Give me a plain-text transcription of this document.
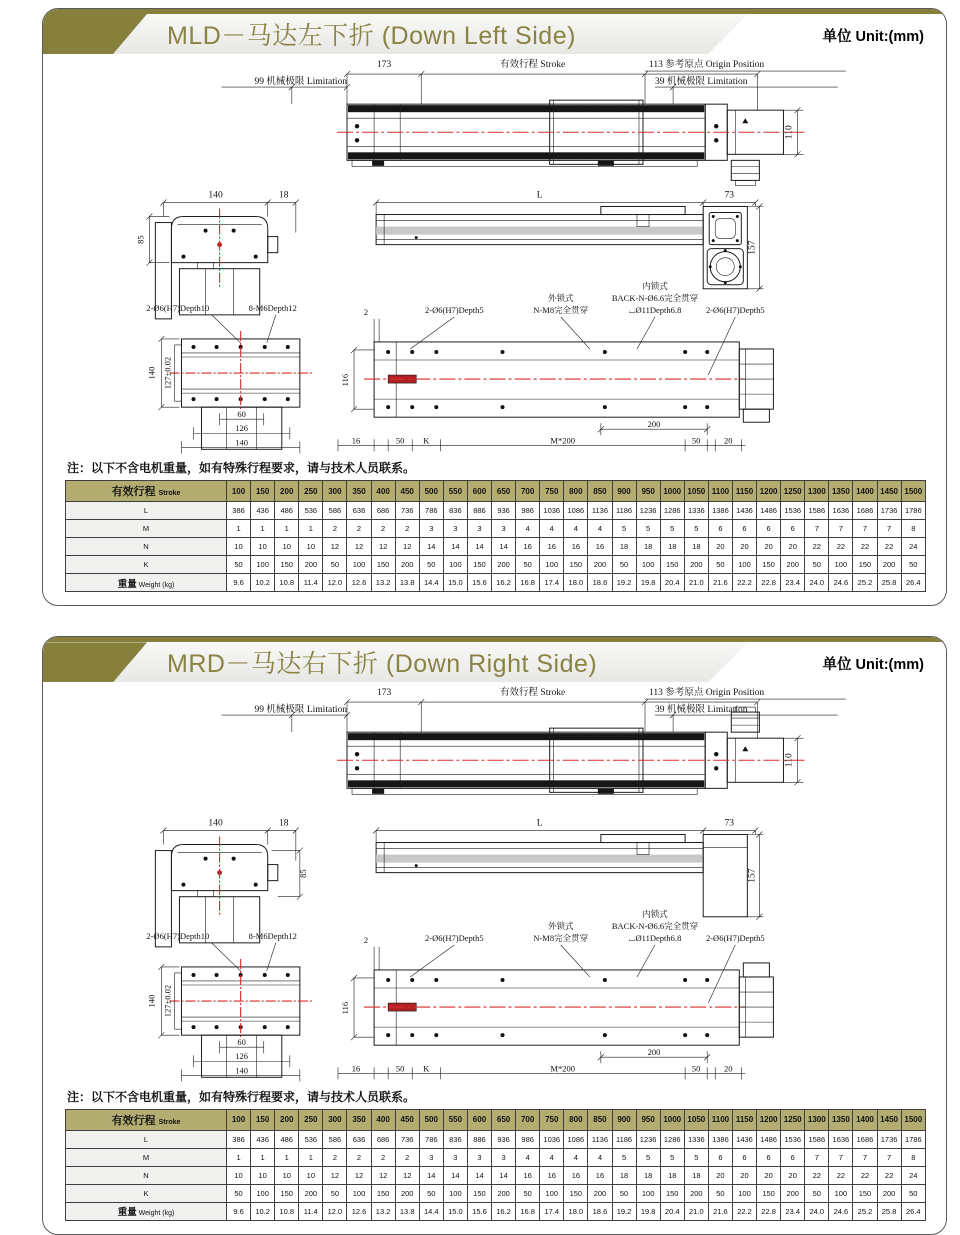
MLD－马达左下折 (Down Left Side)	单位 Unit:(mm)
注：以下不含电机重量，如有特殊行程要求，请与技术人员联系。
有效行程 Stroke	100	150	200	250	300	350	400	450	500	550	600	650	700	750	800	850	900	950	1000	1050	1100	1150	1200	1250	1300	1350	1400	1450	1500
L	386	436	486	536	586	636	686	736	786	836	886	936	986	1036	1086	1136	1186	1236	1286	1336	1386	1436	1486	1536	1586	1636	1686	1736	1786
M	1	1	1	1	2	2	2	2	3	3	3	3	4	4	4	4	5	5	5	5	6	6	6	6	7	7	7	7	8
N	10	10	10	10	12	12	12	12	14	14	14	14	16	16	16	16	18	18	18	18	20	20	20	20	22	22	22	22	24
K	50	100	150	200	50	100	150	200	50	100	150	200	50	100	150	200	50	100	150	200	50	100	150	200	50	100	150	200	50
重量 Weight (kg)	9.6	10.2	10.8	11.4	12.0	12.6	13.2	13.8	14.4	15.0	15.6	16.2	16.8	17.4	18.0	18.6	19.2	19.8	20.4	21.0	21.6	22.2	22.8	23.4	24.0	24.6	25.2	25.8	26.4
MRD－马达右下折 (Down Right Side)	单位 Unit:(mm)
注：以下不含电机重量，如有特殊行程要求，请与技术人员联系。
有效行程 Stroke	100	150	200	250	300	350	400	450	500	550	600	650	700	750	800	850	900	950	1000	1050	1100	1150	1200	1250	1300	1350	1400	1450	1500
L	386	436	486	536	586	636	686	736	786	836	886	936	986	1036	1086	1136	1186	1236	1286	1336	1386	1436	1486	1536	1586	1636	1686	1736	1786
M	1	1	1	1	2	2	2	2	3	3	3	3	4	4	4	4	5	5	5	5	6	6	6	6	7	7	7	7	8
N	10	10	10	10	12	12	12	12	14	14	14	14	16	16	16	16	18	18	18	18	20	20	20	20	22	22	22	22	24
K	50	100	150	200	50	100	150	200	50	100	150	200	50	100	150	200	50	100	150	200	50	100	150	200	50	100	150	200	50
重量 Weight (kg)	9.6	10.2	10.8	11.4	12.0	12.6	13.2	13.8	14.4	15.0	15.6	16.2	16.8	17.4	18.0	18.6	19.2	19.8	20.4	21.0	21.6	22.2	22.8	23.4	24.0	24.6	25.2	25.8	26.4
